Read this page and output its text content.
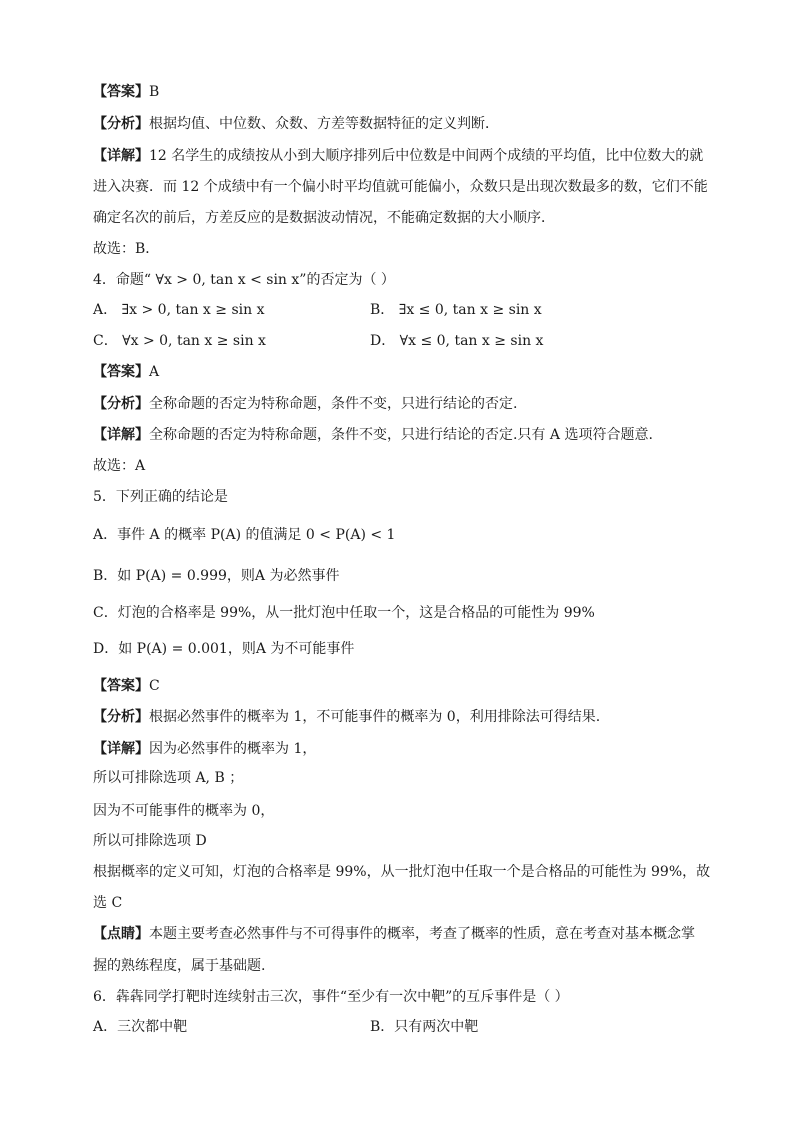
【答案】B
【分析】根据均值、中位数、众数、方差等数据特征的定义判断．
【详解】12 名学生的成绩按从小到大顺序排列后中位数是中间两个成绩的平均值，比中位数大的就
进入决赛．而 12 个成绩中有一个偏小时平均值就可能偏小，众数只是出现次数最多的数，它们不能
确定名次的前后，方差反应的是数据波动情况，不能确定数据的大小顺序．
故选：B．
4．命题“ ∀x > 0, tan x < sin x”的否定为（ ）
A． ∃x > 0, tan x ≥ sin x	B． ∃x ≤ 0, tan x ≥ sin x
C． ∀x > 0, tan x ≥ sin x	D． ∀x ≤ 0, tan x ≥ sin x
【答案】A
【分析】全称命题的否定为特称命题，条件不变，只进行结论的否定.
【详解】全称命题的否定为特称命题，条件不变，只进行结论的否定.只有 A 选项符合题意.
故选：A
5．下列正确的结论是
A．事件 A 的概率 P(A) 的值满足 0 < P(A) < 1
B．如 P(A) = 0.999，则A 为必然事件
C．灯泡的合格率是 99%，从一批灯泡中任取一个，这是合格品的可能性为 99%
D．如 P(A) = 0.001，则A 为不可能事件
【答案】C
【分析】根据必然事件的概率为 1，不可能事件的概率为 0，利用排除法可得结果.
【详解】因为必然事件的概率为 1，
所以可排除选项 A, B ；
因为不可能事件的概率为 0，
所以可排除选项 D
根据概率的定义可知，灯泡的合格率是 99%，从一批灯泡中任取一个是合格品的可能性为 99%，故
选 C
【点睛】本题主要考查必然事件与不可得事件的概率，考查了概率的性质，意在考查对基本概念掌
握的熟练程度，属于基础题.
6．犇犇同学打靶时连续射击三次，事件“至少有一次中靶”的互斥事件是（ ）
A．三次都中靶	B．只有两次中靶
